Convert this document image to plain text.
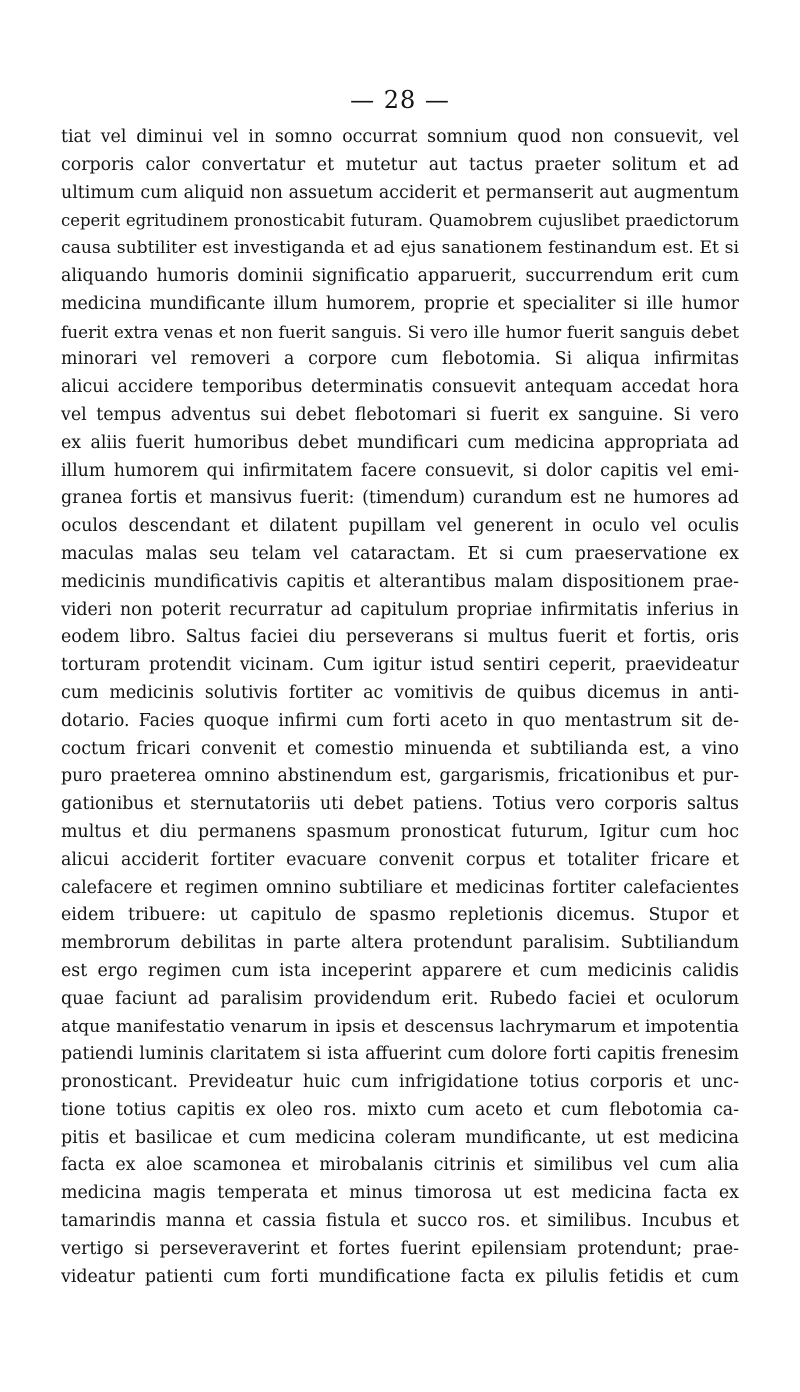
— 28 —
tiat vel diminui vel in somno occurrat somnium quod non consuevit, vel
corporis calor convertatur et mutetur aut tactus praeter solitum et ad
ultimum cum aliquid non assuetum acciderit et permanserit aut augmentum
ceperit egritudinem pronosticabit futuram. Quamobrem cujuslibet praedictorum
causa subtiliter est investiganda et ad ejus sanationem festinandum est. Et si
aliquando humoris dominii significatio apparuerit, succurrendum erit cum
medicina mundificante illum humorem, proprie et specialiter si ille humor
fuerit extra venas et non fuerit sanguis. Si vero ille humor fuerit sanguis debet
minorari vel removeri a corpore cum flebotomia. Si aliqua infirmitas
alicui accidere temporibus determinatis consuevit antequam accedat hora
vel tempus adventus sui debet flebotomari si fuerit ex sanguine. Si vero
ex aliis fuerit humoribus debet mundificari cum medicina appropriata ad
illum humorem qui infirmitatem facere consuevit, si dolor capitis vel emi-
granea fortis et mansivus fuerit: (timendum) curandum est ne humores ad
oculos descendant et dilatent pupillam vel generent in oculo vel oculis
maculas malas seu telam vel cataractam. Et si cum praeservatione ex
medicinis mundificativis capitis et alterantibus malam dispositionem prae-
videri non poterit recurratur ad capitulum propriae infirmitatis inferius in
eodem libro. Saltus faciei diu perseverans si multus fuerit et fortis, oris
torturam protendit vicinam. Cum igitur istud sentiri ceperit, praevideatur
cum medicinis solutivis fortiter ac vomitivis de quibus dicemus in anti-
dotario. Facies quoque infirmi cum forti aceto in quo mentastrum sit de-
coctum fricari convenit et comestio minuenda et subtilianda est, a vino
puro praeterea omnino abstinendum est, gargarismis, fricationibus et pur-
gationibus et sternutatoriis uti debet patiens. Totius vero corporis saltus
multus et diu permanens spasmum pronosticat futurum, Igitur cum hoc
alicui acciderit fortiter evacuare convenit corpus et totaliter fricare et
calefacere et regimen omnino subtiliare et medicinas fortiter calefacientes
eidem tribuere: ut capitulo de spasmo repletionis dicemus. Stupor et
membrorum debilitas in parte altera protendunt paralisim. Subtiliandum
est ergo regimen cum ista inceperint apparere et cum medicinis calidis
quae faciunt ad paralisim providendum erit. Rubedo faciei et oculorum
atque manifestatio venarum in ipsis et descensus lachrymarum et impotentia
patiendi luminis claritatem si ista affuerint cum dolore forti capitis frenesim
pronosticant. Previdеatur huic cum infrigidatione totius corporis et unc-
tione totius capitis ex oleo ros. mixto cum aceto et cum flebotomia ca-
pitis et basilicae et cum medicina coleram mundificante, ut est medicina
facta ex aloe scamonea et mirobalanis citrinis et similibus vel cum alia
medicina magis temperata et minus timorosa ut est medicina facta ex
tamarindis manna et cassia fistula et succo ros. et similibus. Incubus et
vertigo si perseveraverint et fortes fuerint epilensiam protendunt; prae-
videatur patienti cum forti mundificatione facta ex pilulis fetidis et cum
